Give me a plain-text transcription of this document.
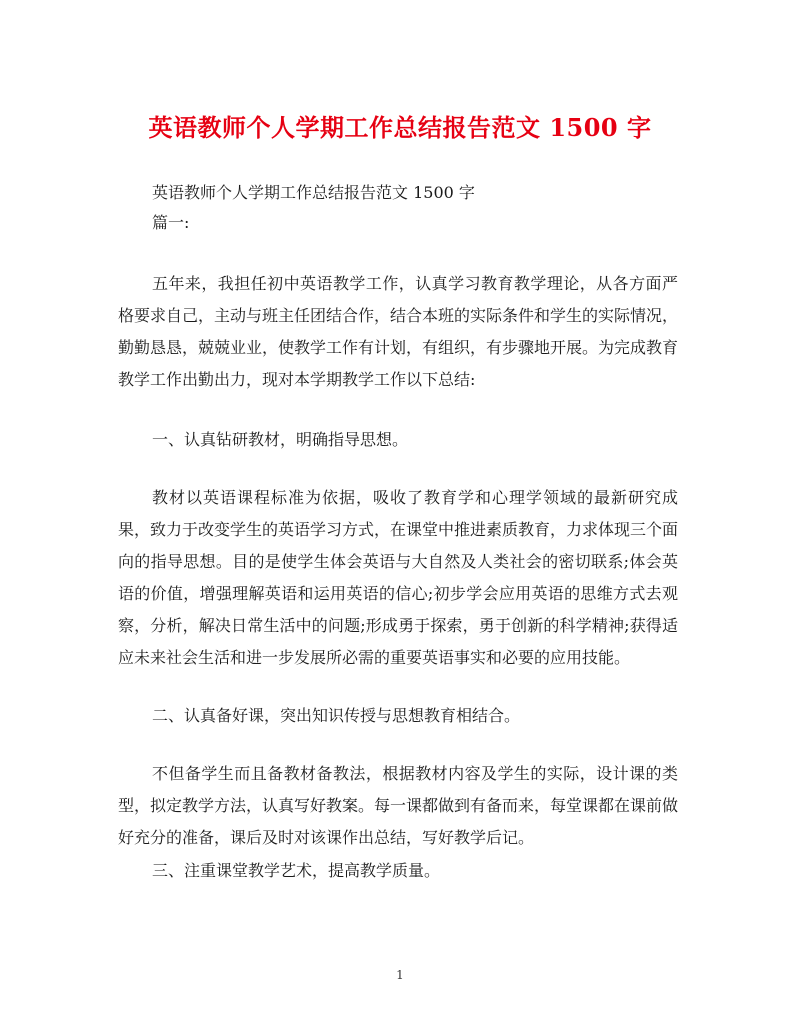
英语教师个人学期工作总结报告范文 1500 字
英语教师个人学期工作总结报告范文 1500 字
篇一:
五年来，我担任初中英语教学工作，认真学习教育教学理论，从各方面严格要求自己，主动与班主任团结合作，结合本班的实际条件和学生的实际情况，勤勤恳恳，兢兢业业，使教学工作有计划，有组织，有步骤地开展。为完成教育教学工作出勤出力，现对本学期教学工作以下总结:
一、认真钻研教材，明确指导思想。
教材以英语课程标准为依据，吸收了教育学和心理学领域的最新研究成果，致力于改变学生的英语学习方式，在课堂中推进素质教育，力求体现三个面向的指导思想。目的是使学生体会英语与大自然及人类社会的密切联系;体会英语的价值，增强理解英语和运用英语的信心;初步学会应用英语的思维方式去观察，分析，解决日常生活中的问题;形成勇于探索，勇于创新的科学精神;获得适应未来社会生活和进一步发展所必需的重要英语事实和必要的应用技能。
二、认真备好课，突出知识传授与思想教育相结合。
不但备学生而且备教材备教法，根据教材内容及学生的实际，设计课的类型，拟定教学方法，认真写好教案。每一课都做到有备而来，每堂课都在课前做好充分的准备，课后及时对该课作出总结，写好教学后记。
三、注重课堂教学艺术，提高教学质量。
1
